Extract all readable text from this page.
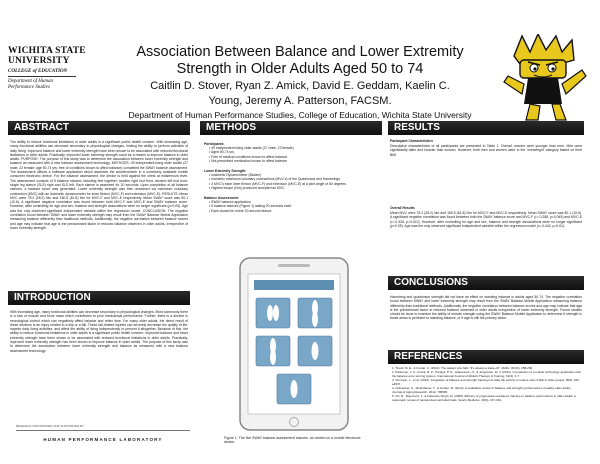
WICHITA STATE
UNIVERSITY
COLLEGE of EDUCATION
Department of Human
Performance Studies
Association Between Balance and Lower Extremity
Strength in Older Adults Aged 50 to 74
Caitlin D. Stover, Ryan Z. Amick, David E. Geddam, Kaelin C.
Young, Jeremy A. Patterson, FACSM.
Department of Human Performance Studies, College of Education, Wichita State University
ABSTRACT
The ability to reduce functional limitations in older adults is a significant public health concern. With increasing age, many functional abilities can decrease secondary to physiological changes, limiting the ability to perform activities of daily living. Improved balance and lower extremity strength have been shown to be associated with reduced functional limitations in older adults. Practically, improved lower extremity strength could be a means to improve balance in older adults. PURPOSE: The purpose of this study was to determine the association between lower extremity strength and balance as measured with a new balance assessment technology. METHODS: 49 independent-living older adults (27 male, 22 female; age 50-74 yrs; free of conditions known to affect balance) completed the SWAY balance assessment. The assessment utilizes a software application which assesses the accelerometer in a commonly available mobile consumer electronic device. For the balance assessment, the device is held against the chest at midsternum level. The assessment consists of 5 balance stances including feet together, tandem right foot front, tandem left foot front, single leg stance (SLS) right and SLS left. Each stance is assessed for 20 seconds. Upon completion of all balance stances, a balance score was generated. Lower extremity strength was then assessed via maximum voluntary contraction (MVC) with an isokinetic dynamometer for knee flexion (MVC-F) and extension (MVC-E). RESULTS: Mean MVC were 78.2 (28.2) Nm and 180.5 (61.8) Nm for MVC-F and MVC-E respectively. Mean SWAY score was 80.1 (10.6). A significant negative correlation was found between both MVC-F and MVC-E and SWAY balance score. However, after controlling for age and sex, balance and strength associations were no longer significant (p>0.05). Age was the only observed significant independent variable within the regression model. CONCLUSION: The negative correlation found between SWAY and lower extremity strength may result from the SWAY Balance Mobile Application measuring balance differently than traditional methods. Additionally, the negative correlation between balance scores and age may indicate that age is the predominant factor in reduced balance observed in older adults, irrespective of lower extremity strength.
INTRODUCTION
With increasing age, many functional abilities can decrease secondary to physiological changes. Most commonly there is a loss of muscle and bone mass which contributes to poor mechanical performance. Further, there is a decline in neurological control which can negatively affect balance and reflex time. For many older adults, the direct result of these declines is an injury related to a slip or a fall. These fall-related injuries can severely decrease the quality of life, impede daily living activities, and affect the ability of living independently or prevent it altogether. Because of this, the ability to reduce functional limitations in older adults is a significant public health concern. Improved balance and lower extremity strength have been shown to be associated with reduced functional limitations in older adults. Practically, improved lower extremity strength has been shown to improve balance in older adults. The purpose of this study was to determine the association between lower extremity strength and balance as measured with a new balance assessment technology.
RESEARCH SPONSORED AND SUPPORTED BY
HUMAN PERFORMANCE LABORATORY
METHODS
Participants:
• 49 independent living older adults (27 male, 22 female)
• Aged 50-74 yrs
• Free of medical conditions known to affect balance
• Not prescribed medication known to affect balance
Lower Extremity Strength:
• Isokinetic Dynamometer (Biodex)
• Isometric maximum voluntary contractions (MVC's) of the Quadriceps and Hamstrings
• 3 MVC's each knee flexion (MVC-F) and extension (MVC-E) at a joint angle of 60 degrees
• Highest torque (Nm) produced accepted as MVC
Balance Assessment:
• SWAY balance application
• 5 balance stances (Figure 1) lasting 20 seconds each
• Eyes closed for entire 20-second stance
Figure 1. The five SWAY balance assessment stances, as viewed on a mobile electronic device.
RESULTS
Participant Characteristics
Descriptive characteristics of all participants are presented in Table 1. Overall, women were younger than men. Men were significantly taller and heavier than women. However, both men and women were in the 'overweight' category based on their BMI.
Overall Results
Mean MVC were 78.2 (28.2) Nm and 180.5 (61.8) Nm for MVC-F and MVC-E respectively. Mean SWAY score was 80.1 (10.6). A significant negative correlation was found between both the SWAY balance score and MVC-F (r=-0.288, p=0.045) and MVC-E (r=-0.326, p=0.022). However, after controlling for age and sex, balance and strength associations were no longer significant (p>0.05). Age was the only observed significant independent variable within the regression model (r=-0.442, p=0.01).
CONCLUSIONS
Hamstring and quadriceps strength did not have an effect on standing balance in adults aged 50-74. The negative correlation found between SWAY and lower extremity strength may result from the SWAY Balance Mobile Application measuring balance differently than traditional methods. Additionally, the negative correlation between balance scores and age may indicate that age is the predominant factor in reduced balance observed in older adults irrespective of lower extremity strength. Future studies should be done to examine the ability of muscle strength using the SWAY Balance Mobile Application to determine if strength in those areas is pertinent to standing balance, or if age is still the primary factor.
REFERENCES
1. Tinetti, M. E., & Kumar, C. (2010). The patient who falls: 'It's always a trade-off'. JAMA, 303(3), 258-266.
2. Patterson, J. A., Amick, R. Z., Pandya, P. D., Hakansson, N., & Jorgensen, M. J. (2014). Comparison of a mobile technology application with the balance error scoring system. International Journal of Athletic Therapy & Training, 19(3), 4-7.
3. Clemson, L., et al. (2012). Integration of balance and strength training into daily life activity to reduce rate of falls in older people. BMJ, 345, e4547.
4. Granacher, U., Muehlbauer, T., & Gruber, M. (2012). A qualitative review of balance and strength performance in healthy older adults. Journal of Aging Research, 2012, 708905.
5. Orr, R., Raymond, J., & Fiatarone Singh, M. (2008). Efficacy of progressive resistance training on balance performance in older adults: a systematic review of randomized controlled trials. Sports Medicine, 38(4), 317-343.
